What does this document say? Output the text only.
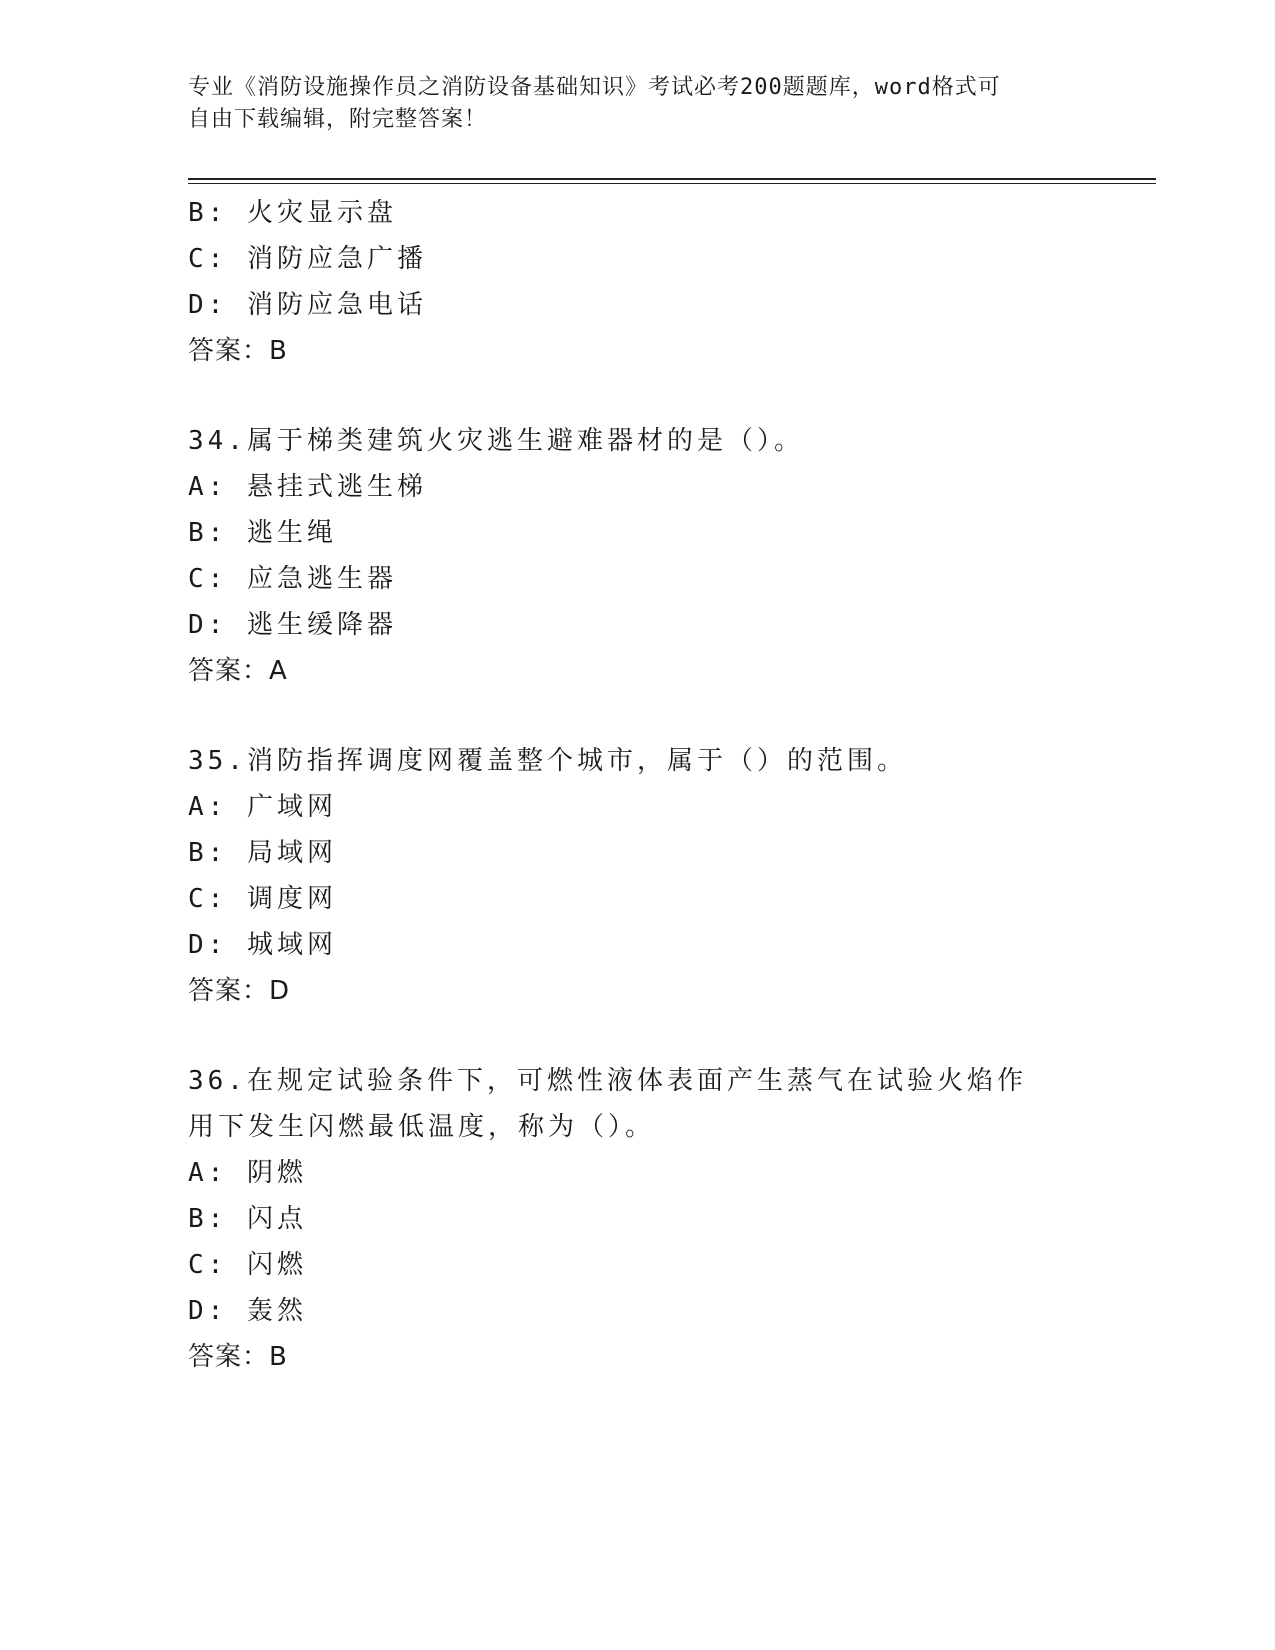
专业《消防设施操作员之消防设备基础知识》考试必考200题题库，word格式可
自由下载编辑，附完整答案！
B: 火灾显示盘
C: 消防应急广播
D: 消防应急电话
答案：B
34.属于梯类建筑火灾逃生避难器材的是（）。
A: 悬挂式逃生梯
B: 逃生绳
C: 应急逃生器
D: 逃生缓降器
答案：A
35.消防指挥调度网覆盖整个城市，属于（）的范围。
A: 广域网
B: 局域网
C: 调度网
D: 城域网
答案：D
36.在规定试验条件下，可燃性液体表面产生蒸气在试验火焰作用下发生闪燃最低温度，称为（）。
A: 阴燃
B: 闪点
C: 闪燃
D: 轰然
答案：B
